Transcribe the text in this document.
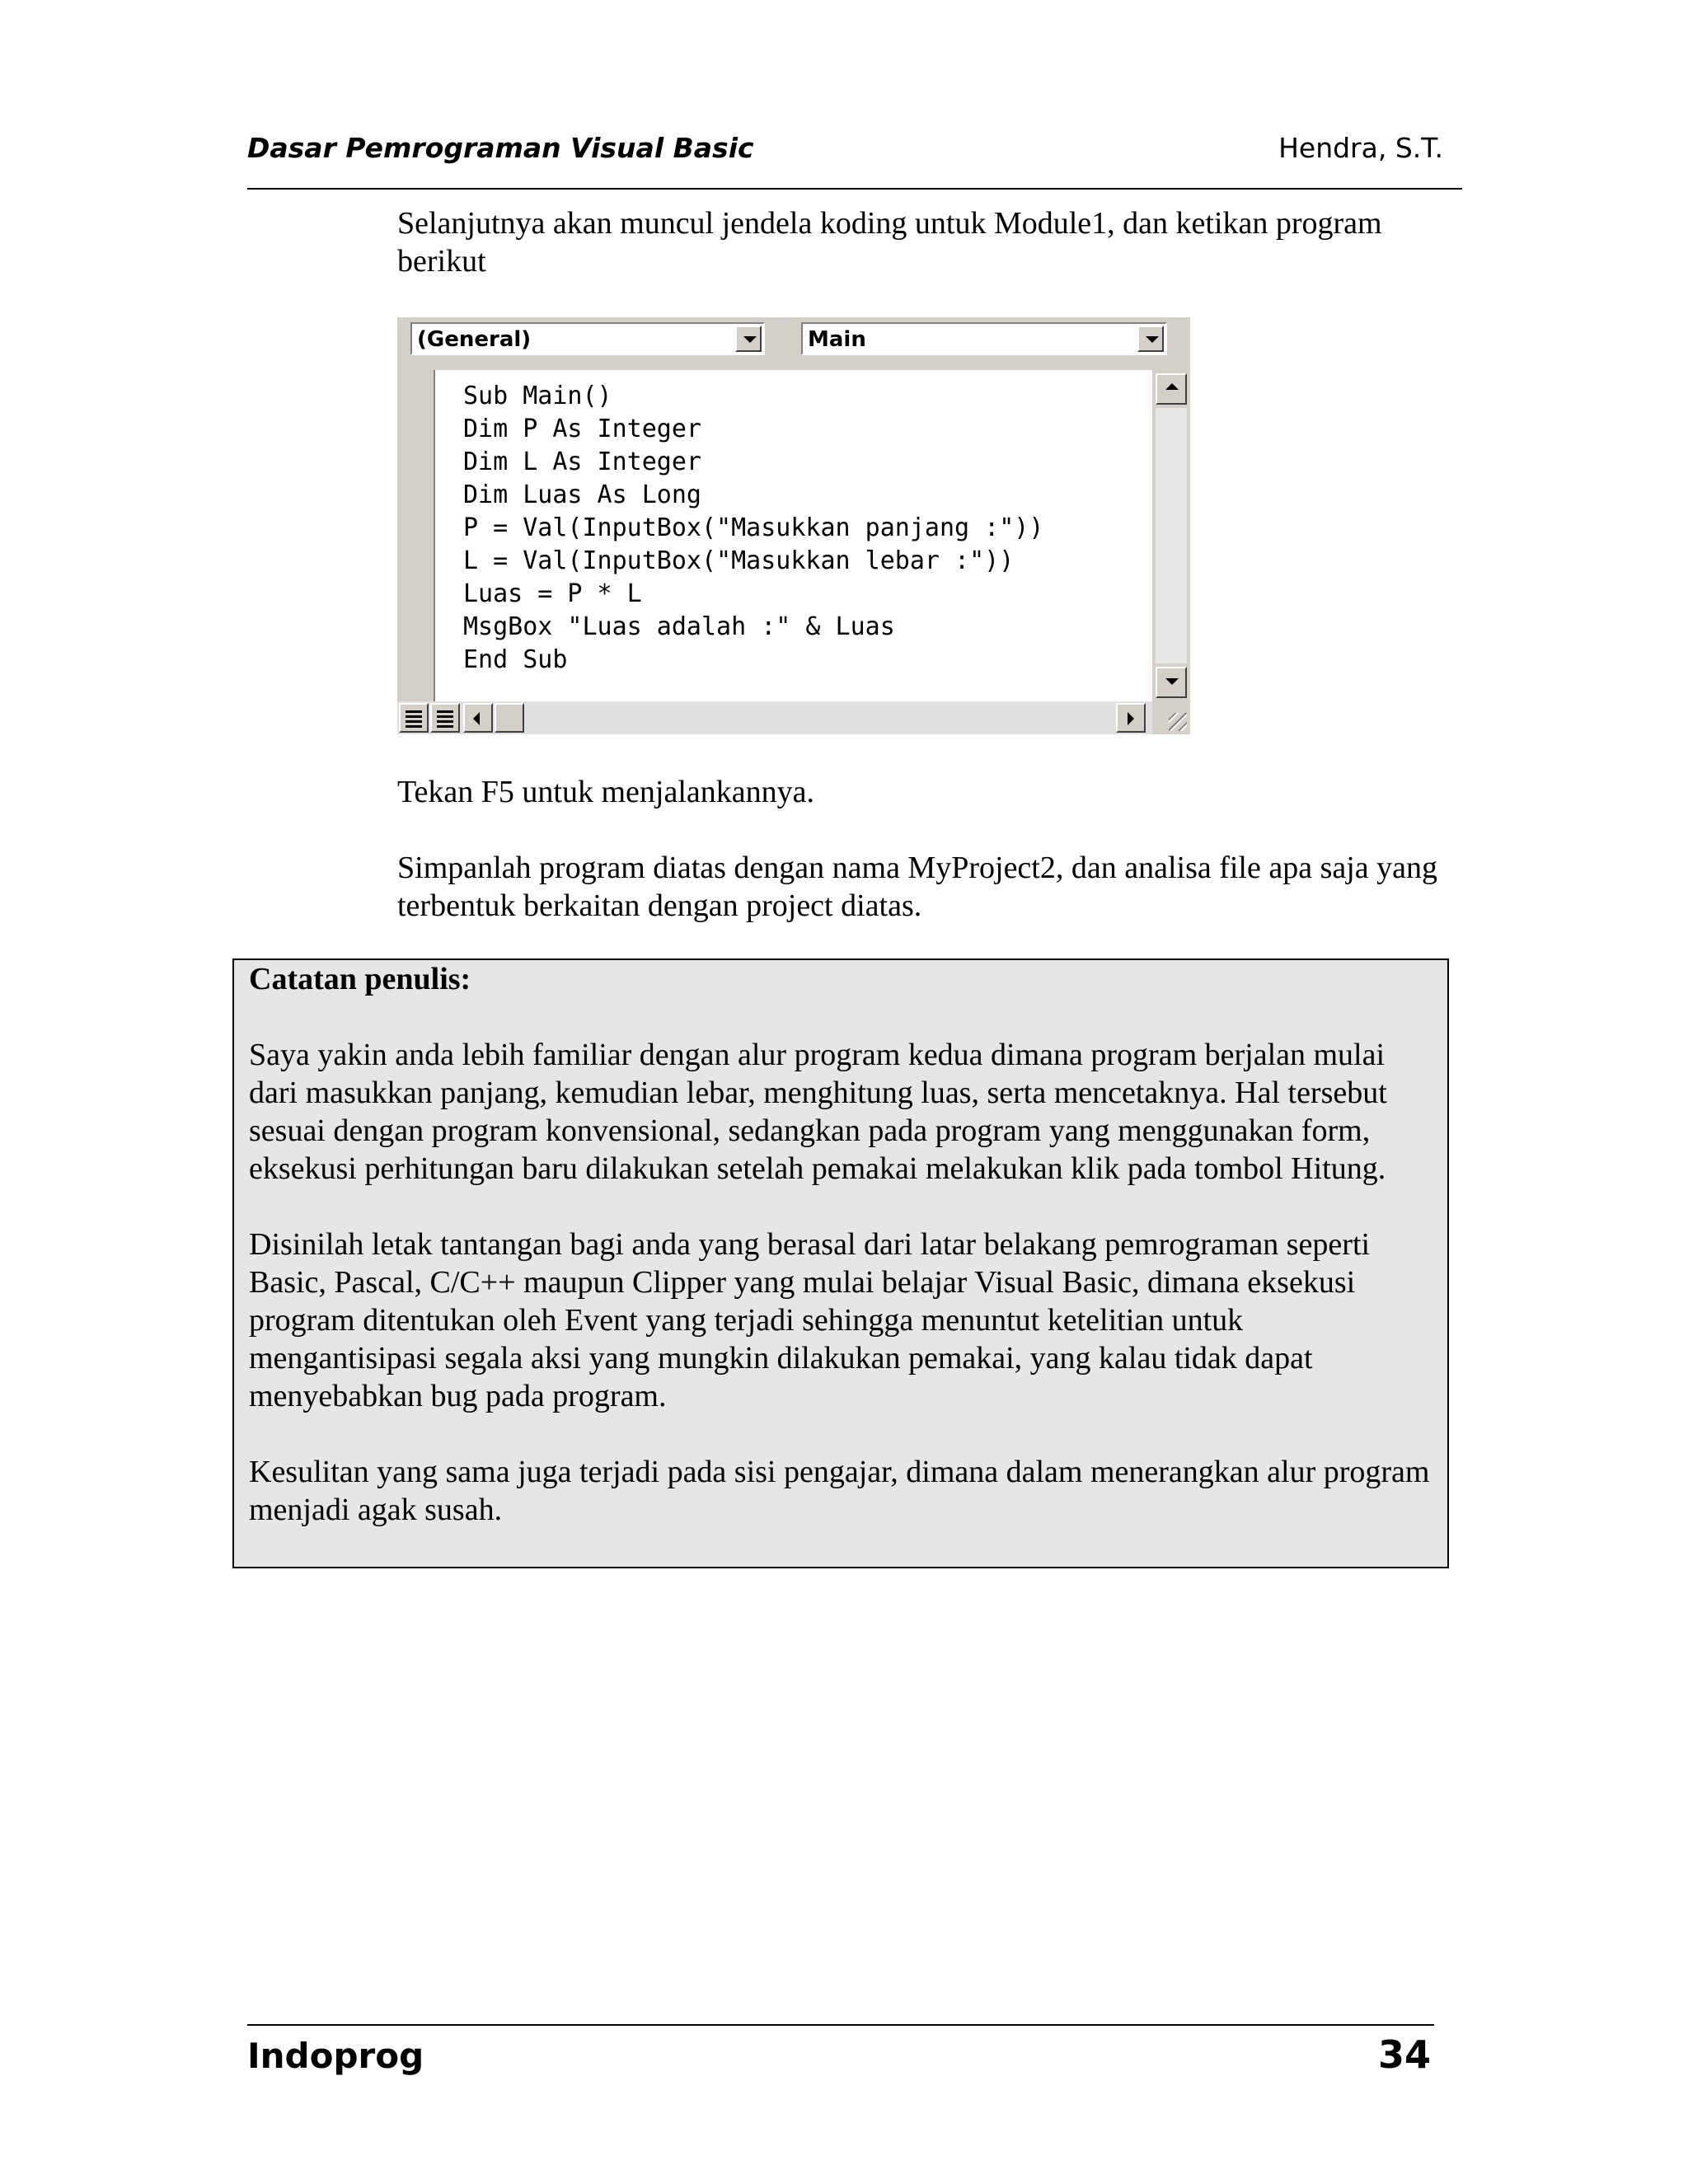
Dasar Pemrograman Visual Basic	Hendra, S.T.

Selanjutnya akan muncul jendela koding untuk Module1, dan ketikan program berikut

(General)	Main
Sub Main()
Dim P As Integer
Dim L As Integer
Dim Luas As Long
P = Val(InputBox("Masukkan panjang :"))
L = Val(InputBox("Masukkan lebar :"))
Luas = P * L
MsgBox "Luas adalah :" & Luas
End Sub

Tekan F5 untuk menjalankannya.

Simpanlah program diatas dengan nama MyProject2, dan analisa file apa saja yang terbentuk berkaitan dengan project diatas.

Catatan penulis:

Saya yakin anda lebih familiar dengan alur program kedua dimana program berjalan mulai dari masukkan panjang, kemudian lebar, menghitung luas, serta mencetaknya. Hal tersebut sesuai dengan program konvensional, sedangkan pada program yang menggunakan form, eksekusi perhitungan baru dilakukan setelah pemakai melakukan klik pada tombol Hitung.

Disinilah letak tantangan bagi anda yang berasal dari latar belakang pemrograman seperti Basic, Pascal, C/C++ maupun Clipper yang mulai belajar Visual Basic, dimana eksekusi program ditentukan oleh Event yang terjadi sehingga menuntut ketelitian untuk mengantisipasi segala aksi yang mungkin dilakukan pemakai, yang kalau tidak dapat menyebabkan bug pada program.

Kesulitan yang sama juga terjadi pada sisi pengajar, dimana dalam menerangkan alur program menjadi agak susah.

Indoprog	34
